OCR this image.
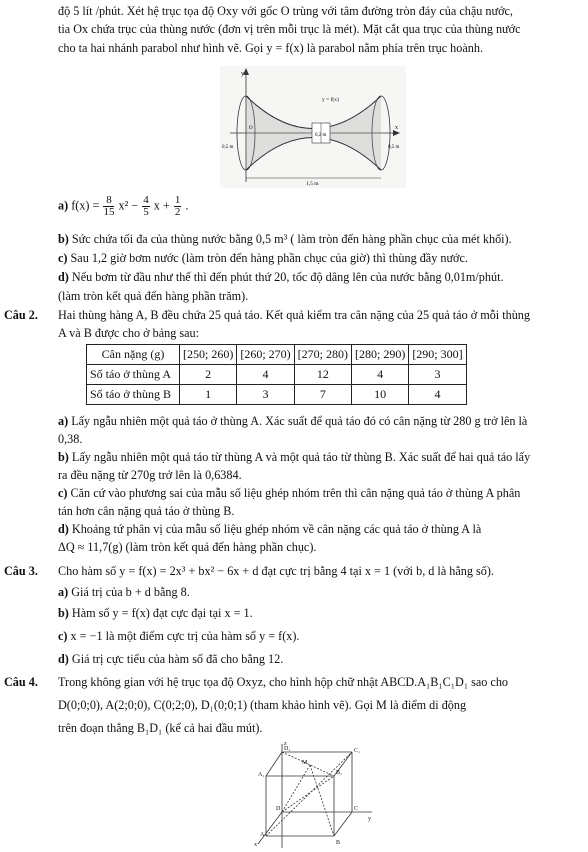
độ 5 lít /phút. Xét hệ trục tọa độ Oxy với gốc O trùng với tâm đường tròn đáy của chậu nước,
tia Ox chứa trục của thùng nước (đơn vị trên mỗi trục là mét). Mặt cắt qua trục của thùng nước
cho ta hai nhánh parabol như hình vẽ. Gọi y = f(x) là parabol nằm phía trên trục hoành.
y
x
O
y = f(x)
0,5 m	0,5 m
0,2 m
1,5 m
a) $f(x) = \frac{8}{15} x^2 - \frac{4}{5}$ $x + \frac{1}{2}$ .
b) Sức chứa tối đa của thùng nước bằng 0,5 m³ ( làm tròn đến hàng phần chục của mét khối).
c) Sau 1,2 giờ bơm nước (làm tròn đến hàng phần chục của giờ) thì thùng đầy nước.
d) Nếu bơm từ đầu như thế thì đến phút thứ 20, tốc độ dâng lên của nước bằng 0,01m/phút.
(làm tròn kết quả đến hàng phần trăm).
Câu 2. Hai thùng hàng A, B đều chứa 25 quả táo. Kết quả kiểm tra cân nặng của 25 quả táo ở mỗi thùng
A và B được cho ở bảng sau:
Cân nặng (g)	[250; 260)	[260; 270)	[270; 280)	[280; 290)	[290; 300]
Số táo ở thùng A	2	4	12	4	3
Số táo ở thùng B	1	3	7	10	4
a) Lấy ngẫu nhiên một quả táo ở thùng A. Xác suất để quả táo đó có cân nặng từ 280 g trở lên là
0,38.
b) Lấy ngẫu nhiên một quả táo từ thùng A và một quả táo từ thùng B. Xác suất để hai quả táo lấy
ra đều nặng từ 270g trở lên là 0,6384.
c) Căn cứ vào phương sai của mẫu số liệu ghép nhóm trên thì cân nặng quả táo ở thùng A phân
tán hơn cân nặng quả táo ở thùng B.
d) Khoảng tứ phân vị của mẫu số liệu ghép nhóm về cân nặng các quả táo ở thùng A là
ΔQ ≈ 11,7(g) (làm tròn kết quả đến hàng phần chục).
Câu 3. Cho hàm số y = f(x) = 2x³ + bx² − 6x + d đạt cực trị bằng 4 tại x = 1 (với b, d là hằng số).
a) Giá trị của b + d bằng 8.
b) Hàm số y = f(x) đạt cực đại tại x = 1.
c) x = −1 là một điểm cực trị của hàm số y = f(x).
d) Giá trị cực tiểu của hàm số đã cho bằng 12.
Câu 4. Trong không gian với hệ trục tọa độ Oxyz, cho hình hộp chữ nhật ABCD.A₁B₁C₁D₁ sao cho
D(0;0;0), A(2;0;0), C(0;2;0), D₁(0;0;1) (tham khảo hình vẽ). Gọi M là điểm di động
trên đoạn thẳng B₁D₁ (kể cả hai đầu mút).
z
y
x
D₁	C₁
A₁	B₁
M
D	C
A
B
